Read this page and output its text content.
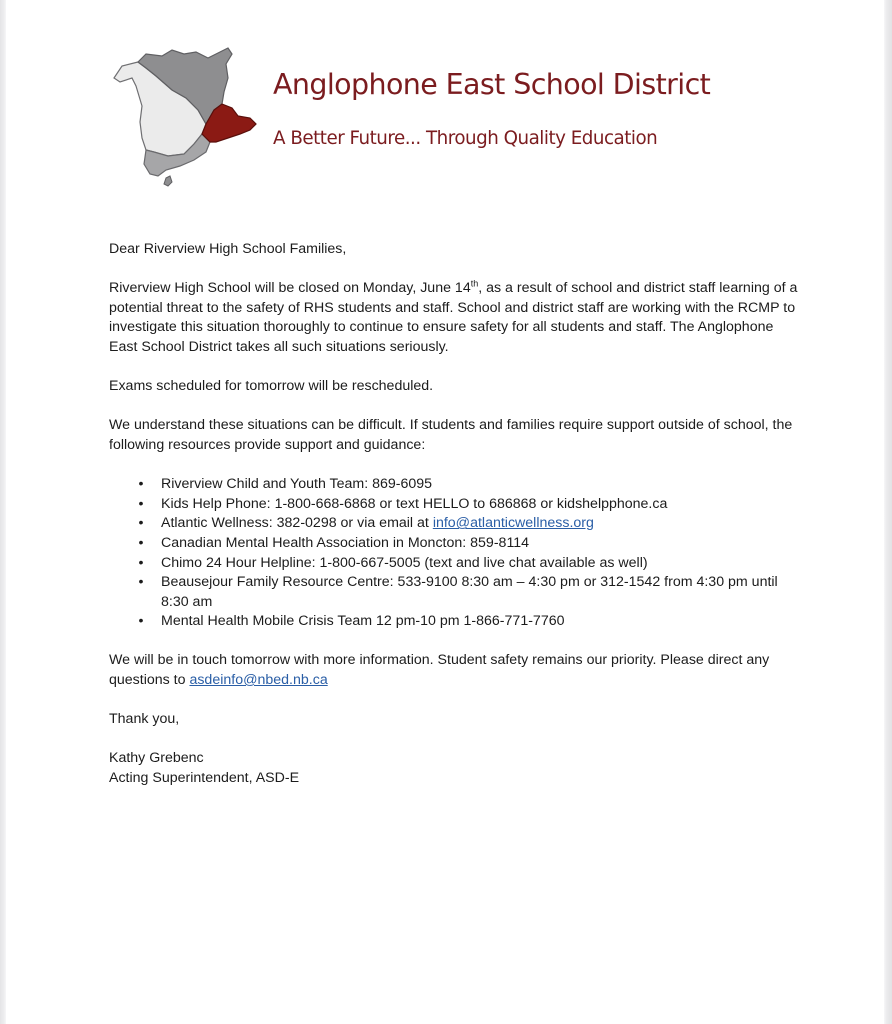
Anglophone East School District
A Better Future... Through Quality Education

Dear Riverview High School Families,

Riverview High School will be closed on Monday, June 14th, as a result of school and district staff learning of a potential threat to the safety of RHS students and staff. School and district staff are working with the RCMP to investigate this situation thoroughly to continue to ensure safety for all students and staff. The Anglophone East School District takes all such situations seriously.

Exams scheduled for tomorrow will be rescheduled.

We understand these situations can be difficult. If students and families require support outside of school, the following resources provide support and guidance:

• Riverview Child and Youth Team: 869-6095
• Kids Help Phone: 1-800-668-6868 or text HELLO to 686868 or kidshelpphone.ca
• Atlantic Wellness: 382-0298 or via email at info@atlanticwellness.org
• Canadian Mental Health Association in Moncton: 859-8114
• Chimo 24 Hour Helpline: 1-800-667-5005 (text and live chat available as well)
• Beausejour Family Resource Centre: 533-9100 8:30 am – 4:30 pm or 312-1542 from 4:30 pm until 8:30 am
• Mental Health Mobile Crisis Team 12 pm-10 pm 1-866-771-7760

We will be in touch tomorrow with more information. Student safety remains our priority. Please direct any questions to asdeinfo@nbed.nb.ca

Thank you,

Kathy Grebenc

Acting Superintendent, ASD-E
